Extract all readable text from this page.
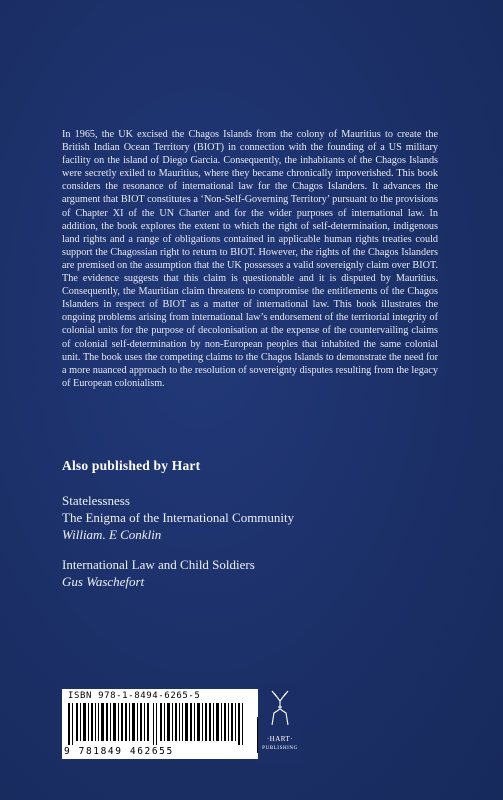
In 1965, the UK excised the Chagos Islands from the colony of Mauritius to create the British Indian Ocean Territory (BIOT) in connection with the founding of a US military facility on the island of Diego Garcia. Consequently, the inhabitants of the Chagos Islands were secretly exiled to Mauritius, where they became chronically impoverished. This book considers the resonance of international law for the Chagos Islanders. It advances the argument that BIOT constitutes a ‘Non-Self-Governing Territory’ pursuant to the provisions of Chapter XI of the UN Charter and for the wider purposes of international law. In addition, the book explores the extent to which the right of self-determination, indigenous land rights and a range of obligations contained in applicable human rights treaties could support the Chagossian right to return to BIOT. However, the rights of the Chagos Islanders are premised on the assumption that the UK possesses a valid sovereignly claim over BIOT. The evidence suggests that this claim is questionable and it is disputed by Mauritius. Consequently, the Mauritian claim threatens to compromise the entitlements of the Chagos Islanders in respect of BIOT as a matter of international law. This book illustrates the ongoing problems arising from international law’s endorsement of the territorial integrity of colonial units for the purpose of decolonisation at the expense of the countervailing claims of colonial self-determination by non-European peoples that inhabited the same colonial unit. The book uses the competing claims to the Chagos Islands to demonstrate the need for a more nuanced approach to the resolution of sovereignty disputes resulting from the legacy of European colonialism.
Also published by Hart
Statelessness
The Enigma of the International Community
William. E Conklin
International Law and Child Soldiers
Gus Waschefort
ISBN 978-1-8494-6265-5
9 781849 462655
·HART·
PUBLISHING
